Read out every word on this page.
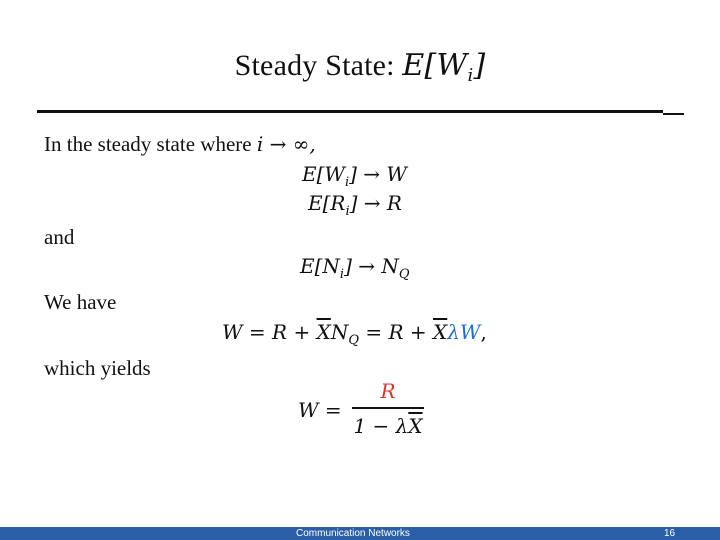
Steady State: $E[W_i]$
In the steady state where i → ∞,
$E[W_i] \to W$
$E[R_i] \to R$
and
$E[N_i] \to N_Q$
We have
$W = R + \overline{X}N_Q = R + \overline{X}\lambda W$,
which yields
W =
R
$1 - \lambda\overline{X}$
Communication Networks	16
